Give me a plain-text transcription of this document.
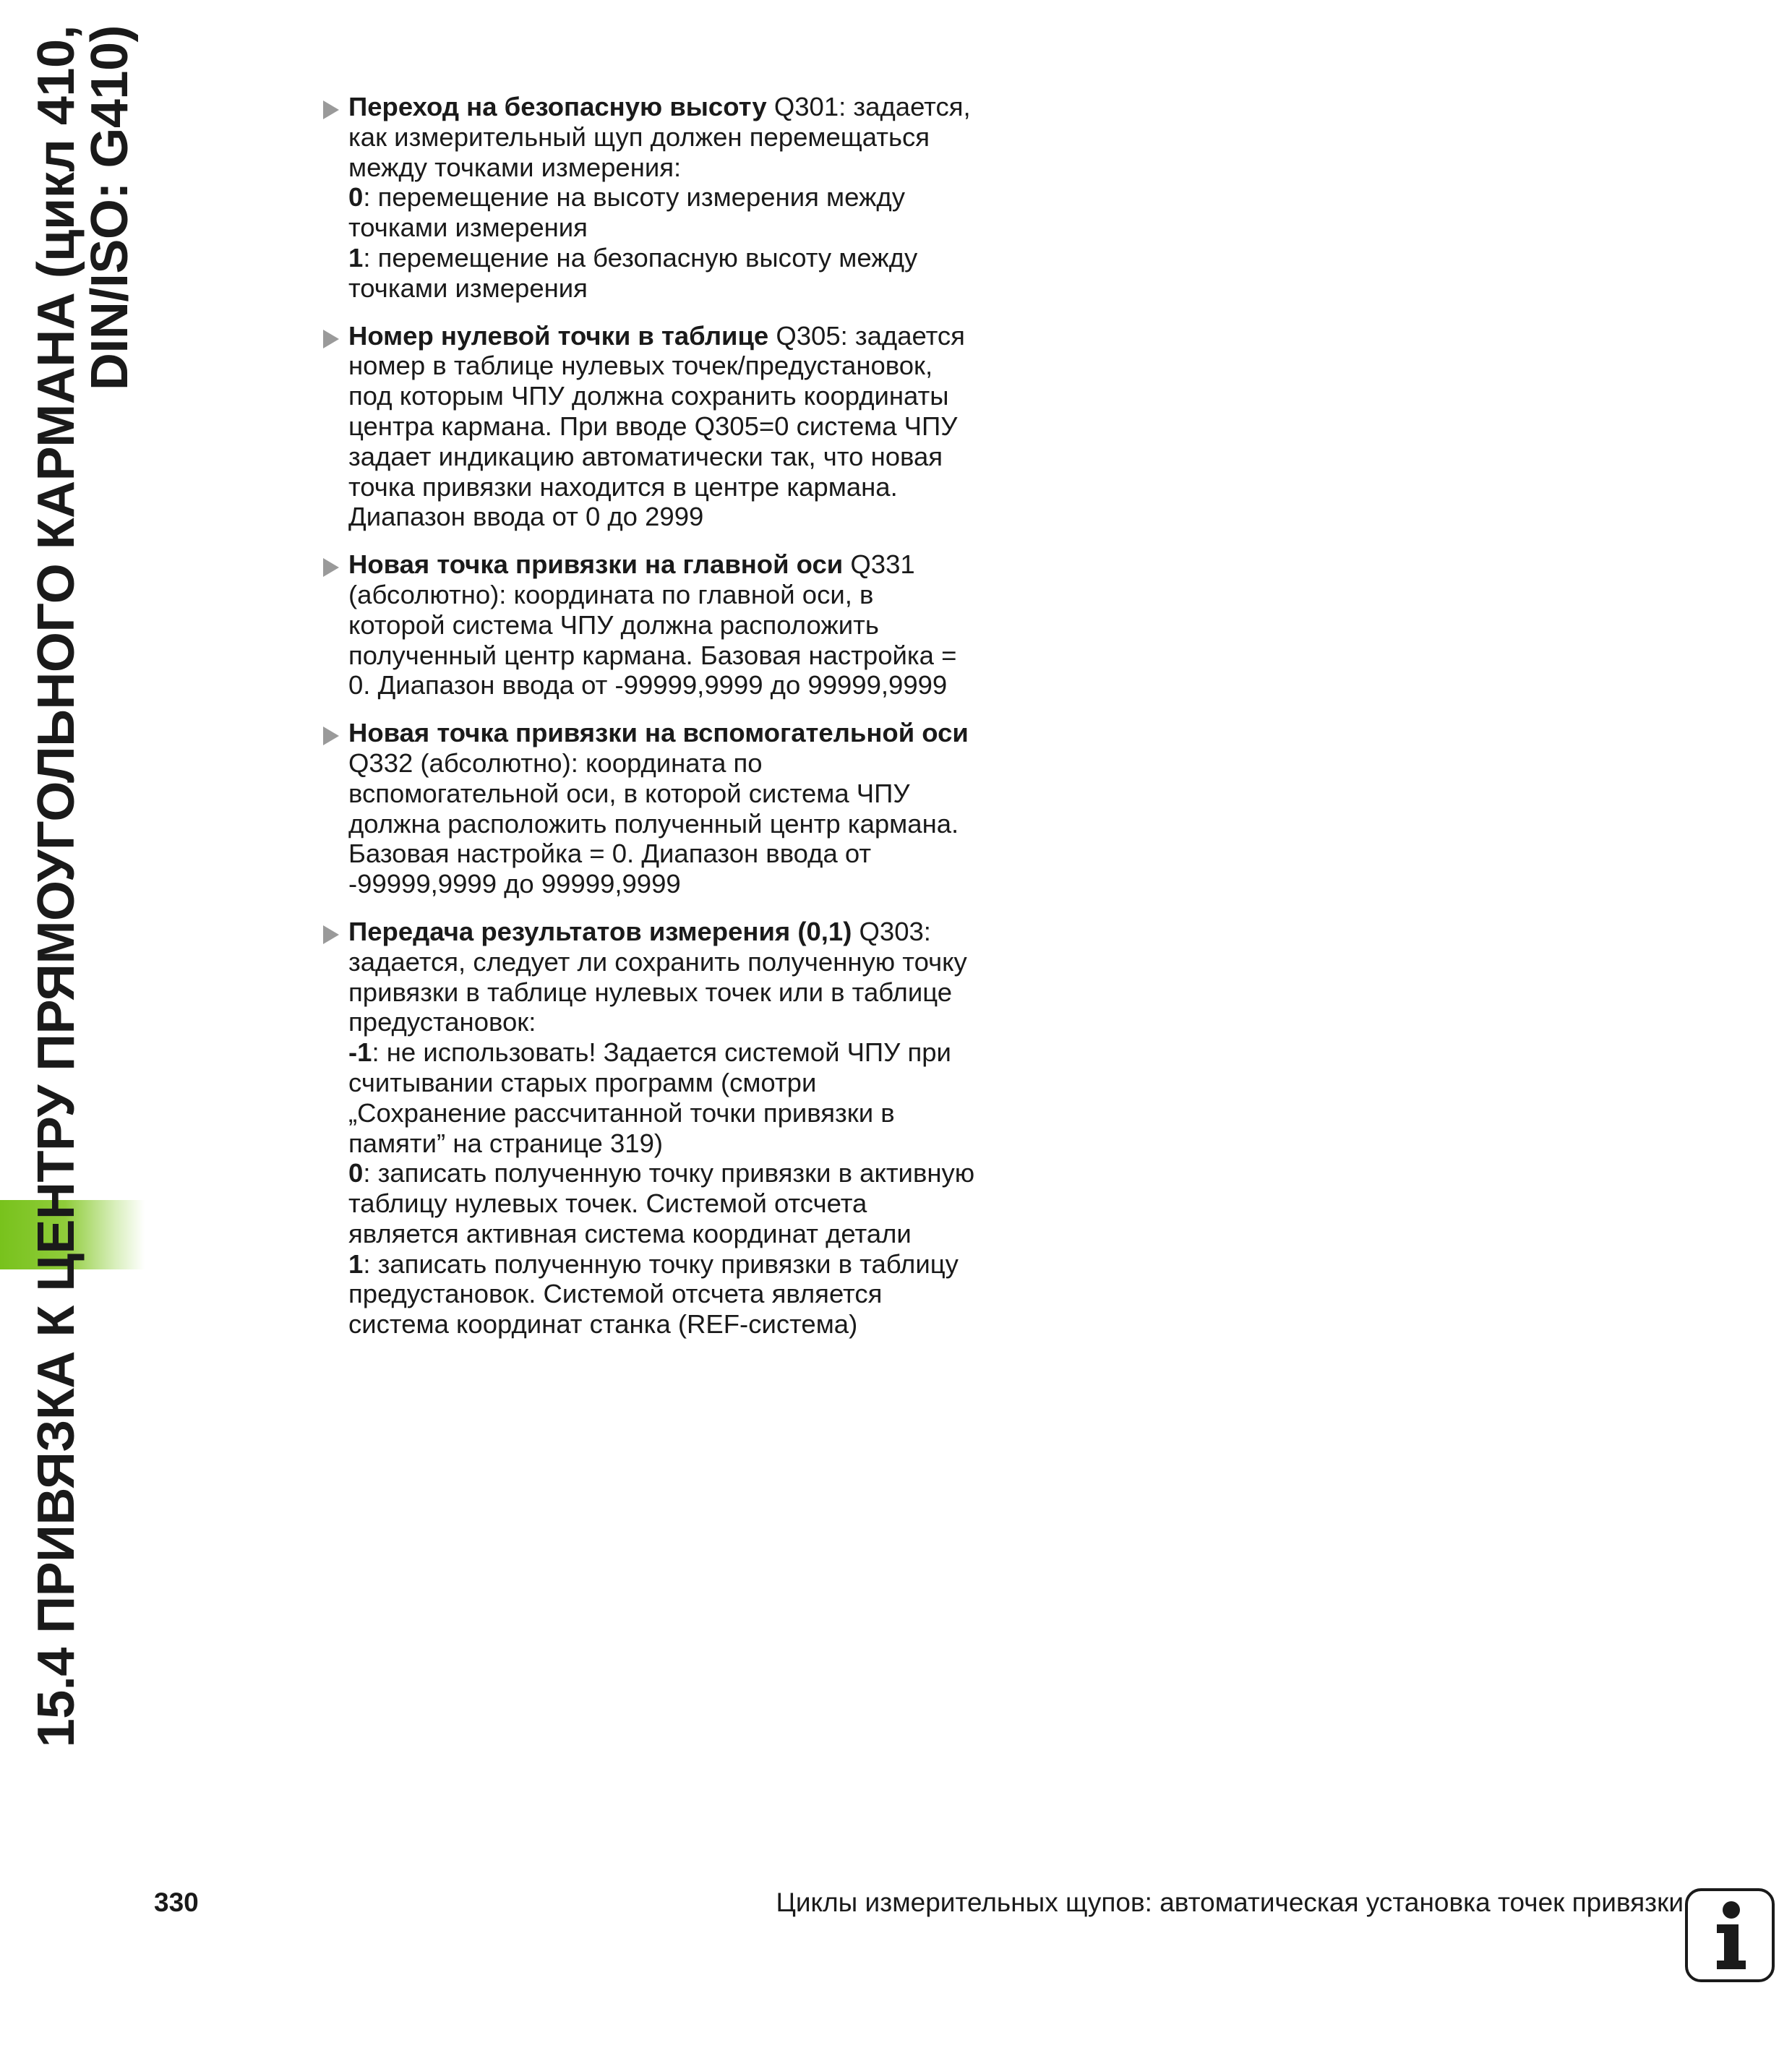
15.4 ПРИВЯЗКА К ЦЕНТРУ ПРЯМОУГОЛЬНОГО КАРМАНА (цикл 410,
DIN/ISO: G410)	Переход на безопасную высоту Q301: задается,
как измерительный щуп должен перемещаться
между точками измерения:
0: перемещение на высоту измерения между
точками измерения
1: перемещение на безопасную высоту между
точками измерения
Номер нулевой точки в таблице Q305: задается
номер в таблице нулевых точек/предустановок,
под которым ЧПУ должна сохранить координаты
центра кармана. При вводе Q305=0 система ЧПУ
задает индикацию автоматически так, что новая
точка привязки находится в центре кармана.
Диапазон ввода от 0 до 2999
Новая точка привязки на главной оси Q331
(абсолютно): координата по главной оси, в
которой система ЧПУ должна расположить
полученный центр кармана. Базовая настройка =
0. Диапазон ввода от -99999,9999 до 99999,9999
Новая точка привязки на вспомогательной оси
Q332 (абсолютно): координата по
вспомогательной оси, в которой система ЧПУ
должна расположить полученный центр кармана.
Базовая настройка = 0. Диапазон ввода от
-99999,9999 до 99999,9999
Передача результатов измерения (0,1) Q303:
задается, следует ли сохранить полученную точку
привязки в таблице нулевых точек или в таблице
предустановок:
-1: не использовать! Задается системой ЧПУ при
считывании старых программ (смотри
„Сохранение рассчитанной точки привязки в
памяти” на странице 319)
0: записать полученную точку привязки в активную
таблицу нулевых точек. Системой отсчета
является активная система координат детали
1: записать полученную точку привязки в таблицу
предустановок. Системой отсчета является
система координат станка (REF-система)
330	Циклы измерительных щупов: автоматическая установка точек привязки
